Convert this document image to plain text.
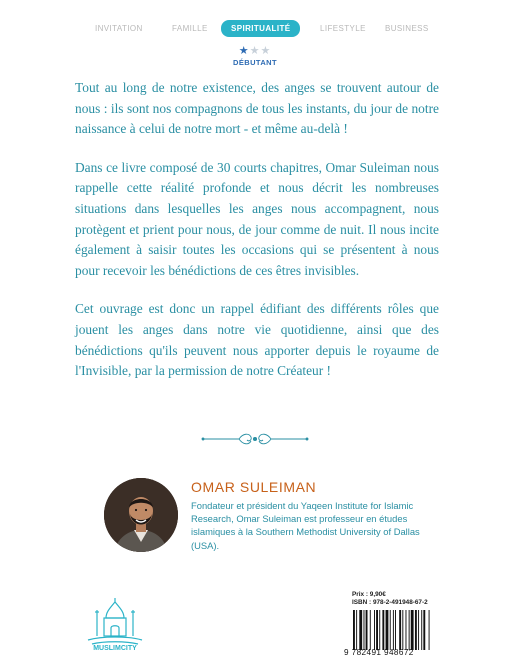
INVITATION	FAMILLE	SPIRITUALITÉ	LIFESTYLE BUSINESS
★★★
DÉBUTANT

Tout au long de notre existence, des anges se trouvent autour de nous : ils sont nos compagnons de tous les instants, du jour de notre naissance à celui de notre mort - et même au-delà !

Dans ce livre composé de 30 courts chapitres, Omar Suleiman nous rappelle cette réalité profonde et nous décrit les nombreuses situations dans lesquelles les anges nous accompagnent, nous protègent et prient pour nous, de jour comme de nuit. Il nous incite également à saisir toutes les occasions qui se présentent à nous pour recevoir les bénédictions de ces êtres invisibles.

Cet ouvrage est donc un rappel édifiant des différents rôles que jouent les anges dans notre vie quotidienne, ainsi que des bénédictions qu'ils peuvent nous apporter depuis le royaume de l'Invisible, par la permission de notre Créateur !

OMAR SULEIMAN
Fondateur et président du Yaqeen Institute for Islamic Research, Omar Suleiman est professeur en études islamiques à la Southern Methodist University of Dallas (USA).
MUSLIMCITY
Prix : 9,90€
ISBN : 978-2-491948-67-2
9 782491 948672
